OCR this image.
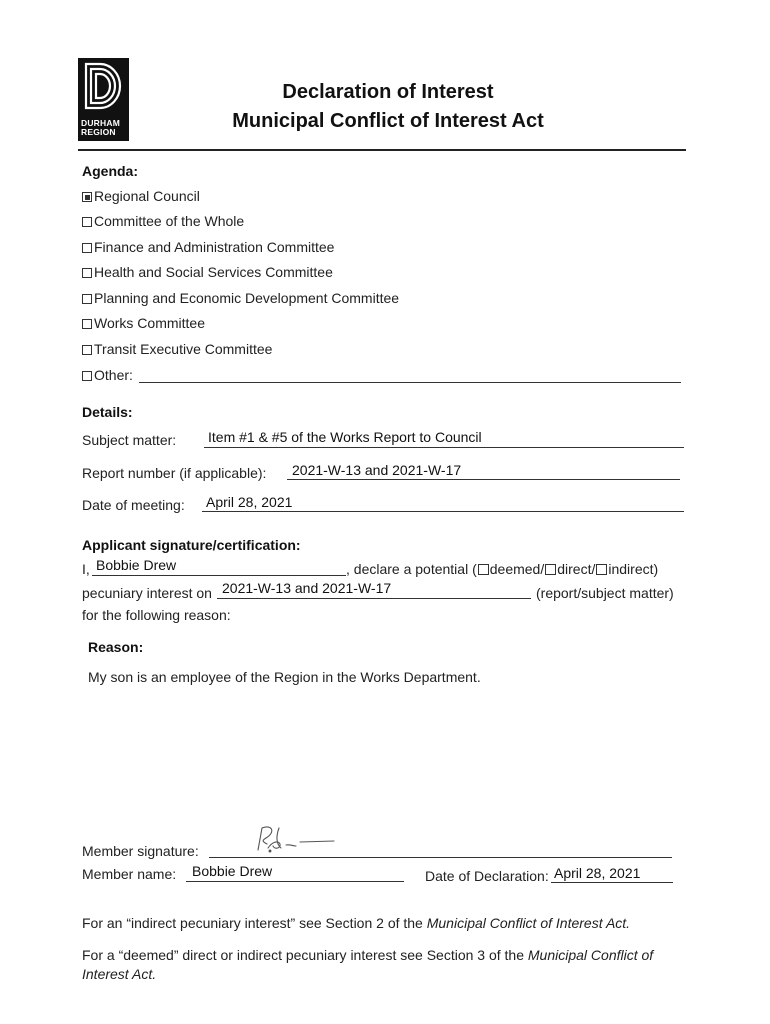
DURHAM
REGION
Declaration of Interest
Municipal Conflict of Interest Act
Agenda:
Regional Council
Committee of the Whole
Finance and Administration Committee
Health and Social Services Committee
Planning and Economic Development Committee
Works Committee
Transit Executive Committee
Other:
Details:
Subject matter: Item #1 & #5 of the Works Report to Council
Report number (if applicable): 2021-W-13 and 2021-W-17
Date of meeting: April 28, 2021
Applicant signature/certification:
I, Bobbie Drew	, declare a potential ( deemed/ direct/ indirect)
pecuniary interest on 2021-W-13 and 2021-W-17	(report/subject matter)
for the following reason:
Reason:
My son is an employee of the Region in the Works Department.
Member signature:
Member name: Bobbie Drew	Date of Declaration: April 28, 2021
For an “indirect pecuniary interest” see Section 2 of the Municipal Conflict of Interest Act.
For a “deemed” direct or indirect pecuniary interest see Section 3 of the Municipal Conflict of
Interest Act.
